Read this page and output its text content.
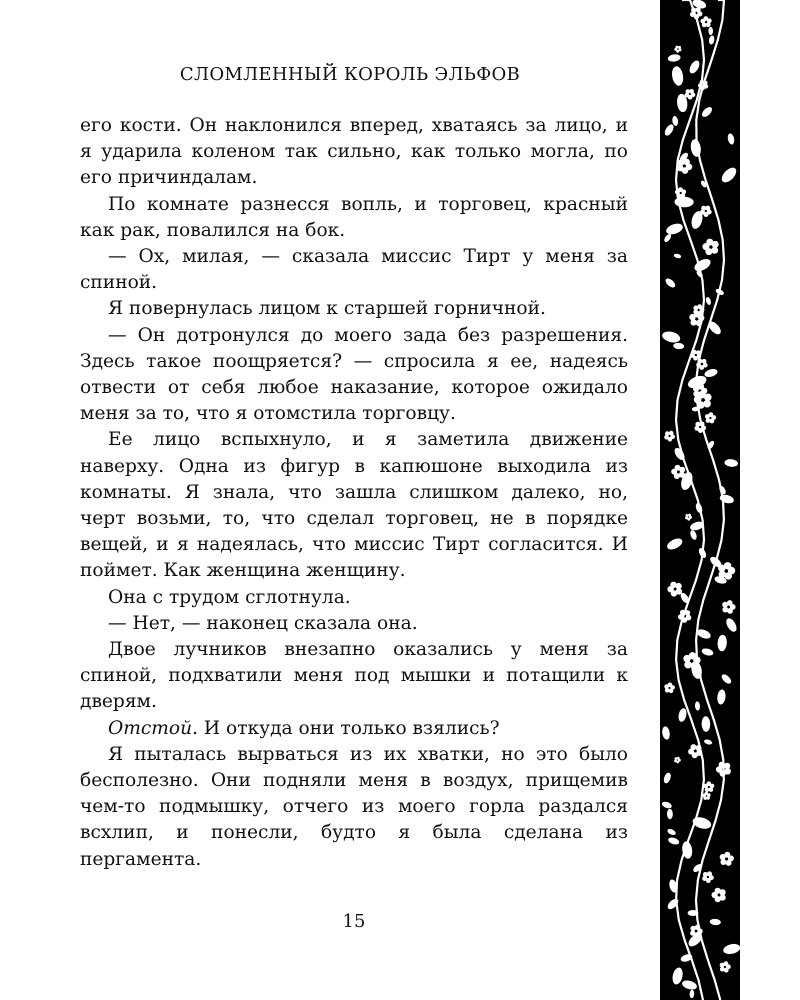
СЛОМЛЕННЫЙ КОРОЛЬ ЭЛЬФОВ

его кости. Он наклонился вперед, хватаясь за лицо, и я ударила коленом так сильно, как только могла, по его причиндалам.

По комнате разнесся вопль, и торговец, красный как рак, повалился на бок.

— Ох, милая, — сказала миссис Тирт у меня за спиной.

Я повернулась лицом к старшей горничной.

— Он дотронулся до моего зада без разрешения. Здесь такое поощряется? — спросила я ее, надеясь отвести от себя любое наказание, которое ожидало меня за то, что я отомстила торговцу.

Ее лицо вспыхнуло, и я заметила движение наверху. Одна из фигур в капюшоне выходила из комнаты. Я знала, что зашла слишком далеко, но, черт возьми, то, что сделал торговец, не в порядке вещей, и я надеялась, что миссис Тирт согласится. И поймет. Как женщина женщину.

Она с трудом сглотнула.

— Нет, — наконец сказала она.

Двое лучников внезапно оказались у меня за спиной, подхватили меня под мышки и потащили к дверям.

Отстой. И откуда они только взялись?

Я пыталась вырваться из их хватки, но это было бесполезно. Они подняли меня в воздух, прищемив чем-то подмышку, отчего из моего горла раздался всхлип, и понесли, будто я была сделана из пергамента.

15
